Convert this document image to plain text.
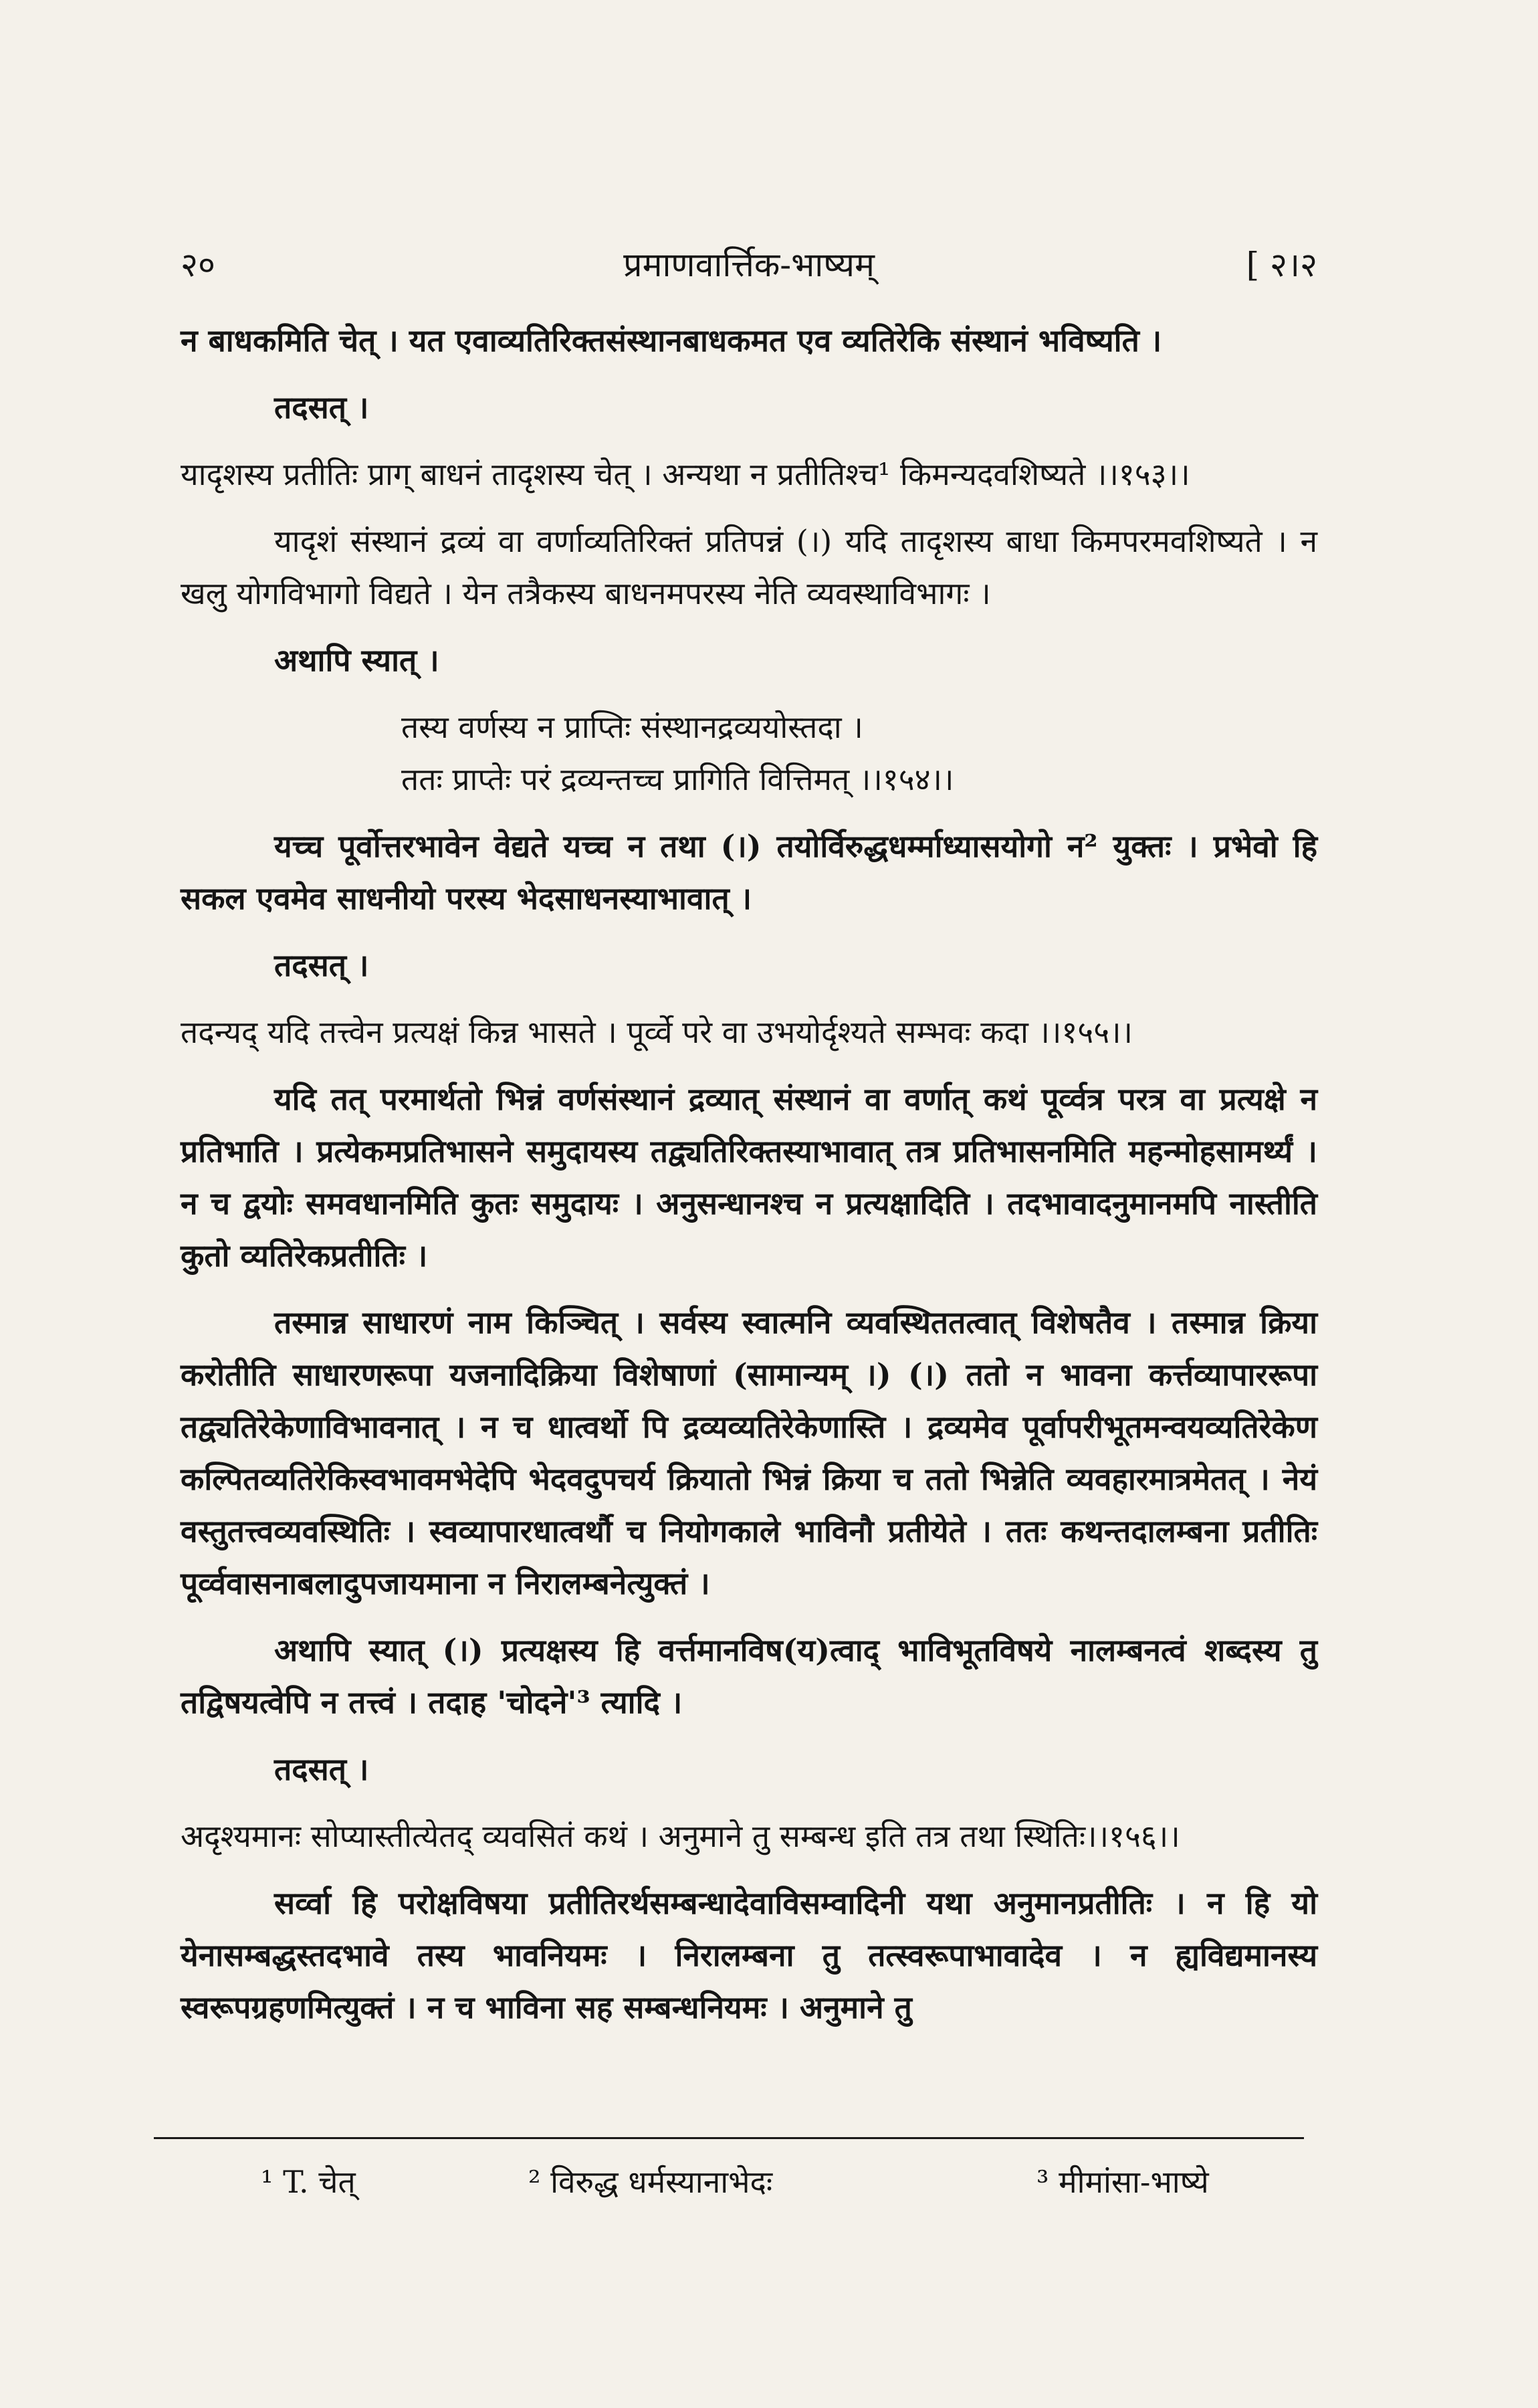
२०	प्रमाणवार्त्तिक-भाष्यम्	[ २।२

न बाधकमिति चेत् । यत एवाव्यतिरिक्तसंस्थानबाधकमत एव व्यतिरेकि संस्थानं भविष्यति ।

तदसत् ।

यादृशस्य प्रतीतिः प्राग् बाधनं तादृशस्य चेत् । अन्यथा न प्रतीतिश्च¹ किमन्यदवशिष्यते ।।१५३।।

यादृशं संस्थानं द्रव्यं वा वर्णाव्यतिरिक्तं प्रतिपन्नं (।) यदि तादृशस्य बाधा किमपरमवशिष्यते । न खलु योगविभागो विद्यते । येन तत्रैकस्य बाधनमपरस्य नेति व्यवस्थाविभागः ।

अथापि स्यात् ।

तस्य वर्णस्य न प्राप्तिः संस्थानद्रव्ययोस्तदा ।
ततः प्राप्तेः परं द्रव्यन्तच्च प्रागिति वित्तिमत् ।।१५४।।

यच्च पूर्वोत्तरभावेन वेद्यते यच्च न तथा (।) तयोर्विरुद्धधर्म्माध्यासयोगो न² युक्तः । प्रभेवो हि सकल एवमेव साधनीयो परस्य भेदसाधनस्याभावात् ।

तदसत् ।

तदन्यद् यदि तत्त्वेन प्रत्यक्षं किन्न भासते । पूर्व्वे परे वा उभयोर्दृश्यते सम्भवः कदा ।।१५५।।

यदि तत् परमार्थतो भिन्नं वर्णसंस्थानं द्रव्यात् संस्थानं वा वर्णात् कथं पूर्व्वत्र परत्र वा प्रत्यक्षे न प्रतिभाति । प्रत्येकमप्रतिभासने समुदायस्य तद्व्यतिरिक्तस्याभावात् तत्र प्रतिभासनमिति महन्मोहसामर्थ्यं । न च द्वयोः समवधानमिति कुतः समुदायः । अनुसन्धानश्च न प्रत्यक्षादिति । तदभावादनुमानमपि नास्तीति कुतो व्यतिरेकप्रतीतिः ।

तस्मान्न साधारणं नाम किञ्चित् । सर्वस्य स्वात्मनि व्यवस्थिततत्वात् विशेषतैव । तस्मान्न क्रिया करोतीति साधारणरूपा यजनादिक्रिया विशेषाणां (सामान्यम् ।) (।) ततो न भावना कर्त्तव्यापाररूपा तद्व्यतिरेकेणाविभावनात् । न च धात्वर्थो पि द्रव्यव्यतिरेकेणास्ति । द्रव्यमेव पूर्वापरीभूतमन्वयव्यतिरेकेण कल्पितव्यतिरेकिस्वभावमभेदेपि भेदवदुपचर्य क्रियातो भिन्नं क्रिया च ततो भिन्नेति व्यवहारमात्रमेतत् । नेयं वस्तुतत्त्वव्यवस्थितिः । स्वव्यापारधात्वर्थौ च नियोगकाले भाविनौ प्रतीयेते । ततः कथन्तदालम्बना प्रतीतिः पूर्व्ववासनाबलादुपजायमाना न निरालम्बनेत्युक्तं ।

अथापि स्यात् (।) प्रत्यक्षस्य हि वर्त्तमानविष(य)त्वाद् भाविभूतविषये नालम्बनत्वं शब्दस्य तु तद्विषयत्वेपि न तत्त्वं । तदाह 'चोदने'³ त्यादि ।

तदसत् ।

अदृश्यमानः सोप्यास्तीत्येतद् व्यवसितं कथं । अनुमाने तु सम्बन्ध इति तत्र तथा स्थितिः।।१५६।।

सर्व्वा हि परोक्षविषया प्रतीतिरर्थसम्बन्धादेवाविसम्वादिनी यथा अनुमानप्रतीतिः । न हि यो येनासम्बद्धस्तदभावे तस्य भावनियमः । निरालम्बना तु तत्स्वरूपाभावादेव । न ह्यविद्यमानस्य स्वरूपग्रहणमित्युक्तं । न च भाविना सह सम्बन्धनियमः । अनुमाने तु

¹ T. चेत्	² विरुद्ध धर्मस्यानाभेदः	³ मीमांसा-भाष्ये
